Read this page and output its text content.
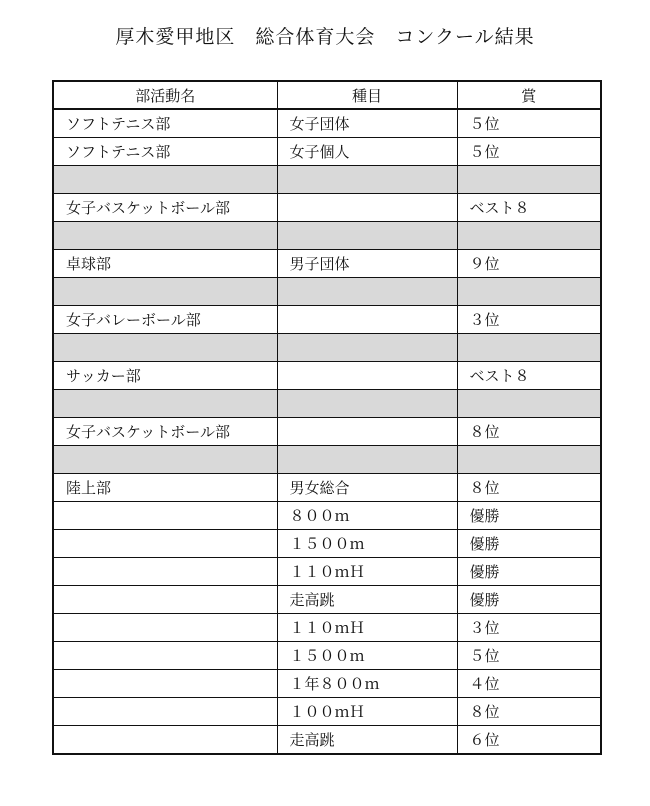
厚木愛甲地区　総合体育大会　コンクール結果
部活動名	種目	賞
ソフトテニス部	女子団体	５位
ソフトテニス部	女子個人	５位

女子バスケットボール部		ベスト８

卓球部	男子団体	９位

女子バレーボール部		３位

サッカー部		ベスト８

女子バスケットボール部		８位

陸上部	男女総合	８位
	８００ｍ	優勝
	１５００ｍ	優勝
	１１０ｍＨ	優勝
	走高跳	優勝
	１１０ｍＨ	３位
	１５００ｍ	５位
	１年８００ｍ	４位
	１００ｍＨ	８位
	走高跳	６位
